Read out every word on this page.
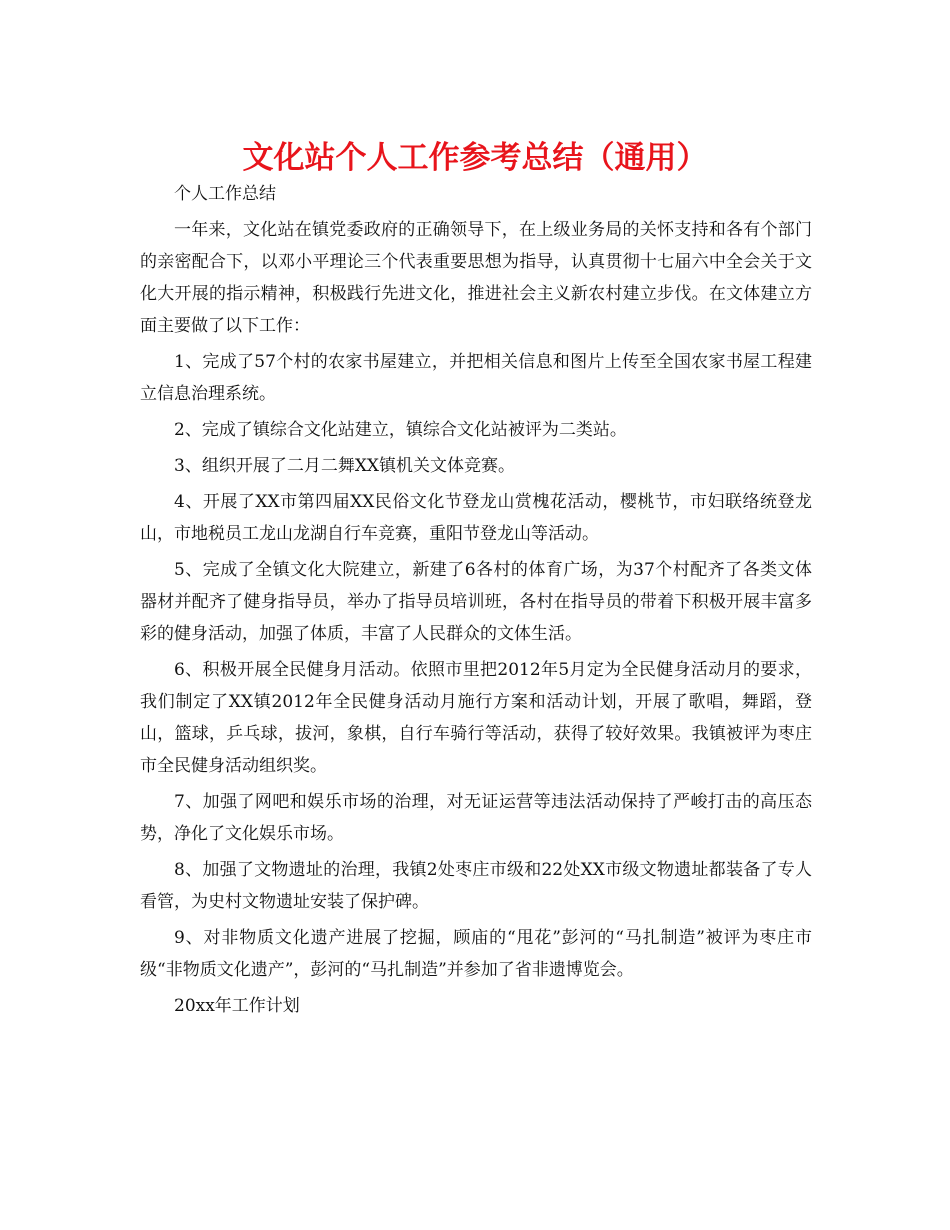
文化站个人工作参考总结（通用）

个人工作总结

一年来，文化站在镇党委政府的正确领导下，在上级业务局的关怀支持和各有个部门的亲密配合下，以邓小平理论三个代表重要思想为指导，认真贯彻十七届六中全会关于文化大开展的指示精神，积极践行先进文化，推进社会主义新农村建立步伐。在文体建立方面主要做了以下工作：

1、完成了57个村的农家书屋建立，并把相关信息和图片上传至全国农家书屋工程建立信息治理系统。

2、完成了镇综合文化站建立，镇综合文化站被评为二类站。

3、组织开展了二月二舞XX镇机关文体竞赛。

4、开展了XX市第四届XX民俗文化节登龙山赏槐花活动，樱桃节，市妇联络统登龙山，市地税员工龙山龙湖自行车竞赛，重阳节登龙山等活动。

5、完成了全镇文化大院建立，新建了6各村的体育广场，为37个村配齐了各类文体器材并配齐了健身指导员，举办了指导员培训班，各村在指导员的带着下积极开展丰富多彩的健身活动，加强了体质，丰富了人民群众的文体生活。

6、积极开展全民健身月活动。依照市里把2012年5月定为全民健身活动月的要求，我们制定了XX镇2012年全民健身活动月施行方案和活动计划，开展了歌唱，舞蹈，登山，篮球，乒乓球，拔河，象棋，自行车骑行等活动，获得了较好效果。我镇被评为枣庄市全民健身活动组织奖。

7、加强了网吧和娱乐市场的治理，对无证运营等违法活动保持了严峻打击的高压态势，净化了文化娱乐市场。

8、加强了文物遗址的治理，我镇2处枣庄市级和22处XX市级文物遗址都装备了专人看管，为史村文物遗址安装了保护碑。

9、对非物质文化遗产进展了挖掘，顾庙的“甩花”彭河的“马扎制造”被评为枣庄市级“非物质文化遗产”，彭河的“马扎制造”并参加了省非遗博览会。

20xx年工作计划
